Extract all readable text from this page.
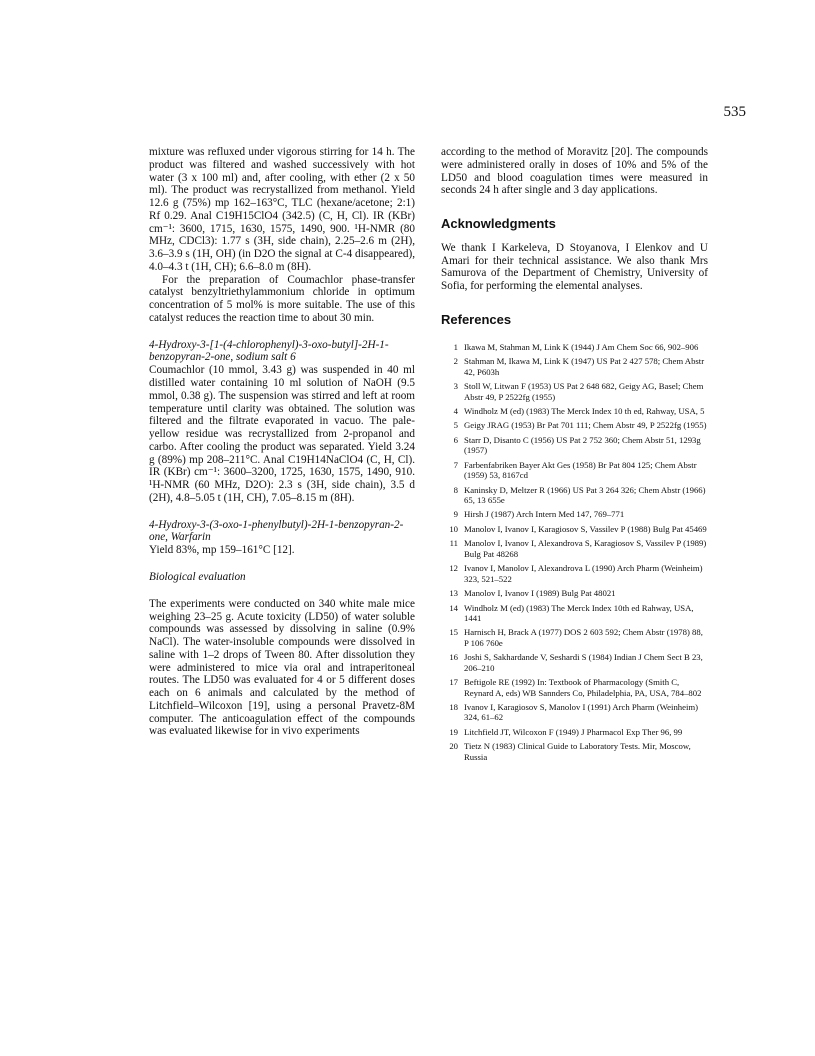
535

mixture was refluxed under vigorous stirring for 14 h. The product was filtered and washed successively with hot water (3 x 100 ml) and, after cooling, with ether (2 x 50 ml). The product was recrystallized from methanol. Yield 12.6 g (75%) mp 162–163°C, TLC (hexane/acetone; 2:1) Rf 0.29. Anal C19H15ClO4 (342.5) (C, H, Cl). IR (KBr) cm⁻¹: 3600, 1715, 1630, 1575, 1490, 900. ¹H-NMR (80 MHz, CDCl3): 1.77 s (3H, side chain), 2.25–2.6 m (2H), 3.6–3.9 s (1H, OH) (in D2O the signal at C-4 disappeared), 4.0–4.3 t (1H, CH); 6.6–8.0 m (8H).

For the preparation of Coumachlor phase-transfer catalyst benzyltriethylammonium chloride in optimum concentration of 5 mol% is more suitable. The use of this catalyst reduces the reaction time to about 30 min.

4-Hydroxy-3-[1-(4-chlorophenyl)-3-oxo-butyl]-2H-1-benzopyran-2-one, sodium salt 6

Coumachlor (10 mmol, 3.43 g) was suspended in 40 ml distilled water containing 10 ml solution of NaOH (9.5 mmol, 0.38 g). The suspension was stirred and left at room temperature until clarity was obtained. The solution was filtered and the filtrate evaporated in vacuo. The pale-yellow residue was recrystallized from 2-propanol and carbo. After cooling the product was separated. Yield 3.24 g (89%) mp 208–211°C. Anal C19H14NaClO4 (C, H, Cl). IR (KBr) cm⁻¹: 3600–3200, 1725, 1630, 1575, 1490, 910. ¹H-NMR (60 MHz, D2O): 2.3 s (3H, side chain), 3.5 d (2H), 4.8–5.05 t (1H, CH), 7.05–8.15 m (8H).

4-Hydroxy-3-(3-oxo-1-phenylbutyl)-2H-1-benzopyran-2-one, Warfarin

Yield 83%, mp 159–161°C [12].

Biological evaluation

The experiments were conducted on 340 white male mice weighing 23–25 g. Acute toxicity (LD50) of water soluble compounds was assessed by dissolving in saline (0.9% NaCl). The water-insoluble compounds were dissolved in saline with 1–2 drops of Tween 80. After dissolution they were administered to mice via oral and intraperitoneal routes. The LD50 was evaluated for 4 or 5 different doses each on 6 animals and calculated by the method of Litchfield–Wilcoxon [19], using a personal Pravetz-8M computer. The anticoagulation effect of the compounds was evaluated likewise for in vivo experiments

according to the method of Moravitz [20]. The compounds were administered orally in doses of 10% and 5% of the LD50 and blood coagulation times were measured in seconds 24 h after single and 3 day applications.

Acknowledgments

We thank I Karkeleva, D Stoyanova, I Elenkov and U Amari for their technical assistance. We also thank Mrs Samurova of the Department of Chemistry, University of Sofia, for performing the elemental analyses.

References
1 Ikawa M, Stahman M, Link K (1944) J Am Chem Soc 66, 902–906
2 Stahman M, Ikawa M, Link K (1947) US Pat 2 427 578; Chem Abstr 42, P603h
3 Stoll W, Litwan F (1953) US Pat 2 648 682, Geigy AG, Basel; Chem Abstr 49, P 2522fg (1955)
4 Windholz M (ed) (1983) The Merck Index 10 th ed, Rahway, USA, 5
5 Geigy JRAG (1953) Br Pat 701 111; Chem Abstr 49, P 2522fg (1955)
6 Starr D, Disanto C (1956) US Pat 2 752 360; Chem Abstr 51, 1293g (1957)
7 Farbenfabriken Bayer Akt Ges (1958) Br Pat 804 125; Chem Abstr (1959) 53, 8167cd
8 Kaninsky D, Meltzer R (1966) US Pat 3 264 326; Chem Abstr (1966) 65, 13 655e
9 Hirsh J (1987) Arch Intern Med 147, 769–771
10 Manolov I, Ivanov I, Karagiosov S, Vassilev P (1988) Bulg Pat 45469
11 Manolov I, Ivanov I, Alexandrova S, Karagiosov S, Vassilev P (1989) Bulg Pat 48268
12 Ivanov I, Manolov I, Alexandrova L (1990) Arch Pharm (Weinheim) 323, 521–522
13 Manolov I, Ivanov I (1989) Bulg Pat 48021
14 Windholz M (ed) (1983) The Merck Index 10th ed Rahway, USA, 1441
15 Harnisch H, Brack A (1977) DOS 2 603 592; Chem Abstr (1978) 88, P 106 760e
16 Joshi S, Sakhardande V, Seshardi S (1984) Indian J Chem Sect B 23, 206–210
17 Beftigole RE (1992) In: Textbook of Pharmacology (Smith C, Reynard A, eds) WB Sannders Co, Philadelphia, PA, USA, 784–802
18 Ivanov I, Karagiosov S, Manolov I (1991) Arch Pharm (Weinheim) 324, 61–62
19 Litchfield JT, Wilcoxon F (1949) J Pharmacol Exp Ther 96, 99
20 Tietz N (1983) Clinical Guide to Laboratory Tests. Mir, Moscow, Russia
